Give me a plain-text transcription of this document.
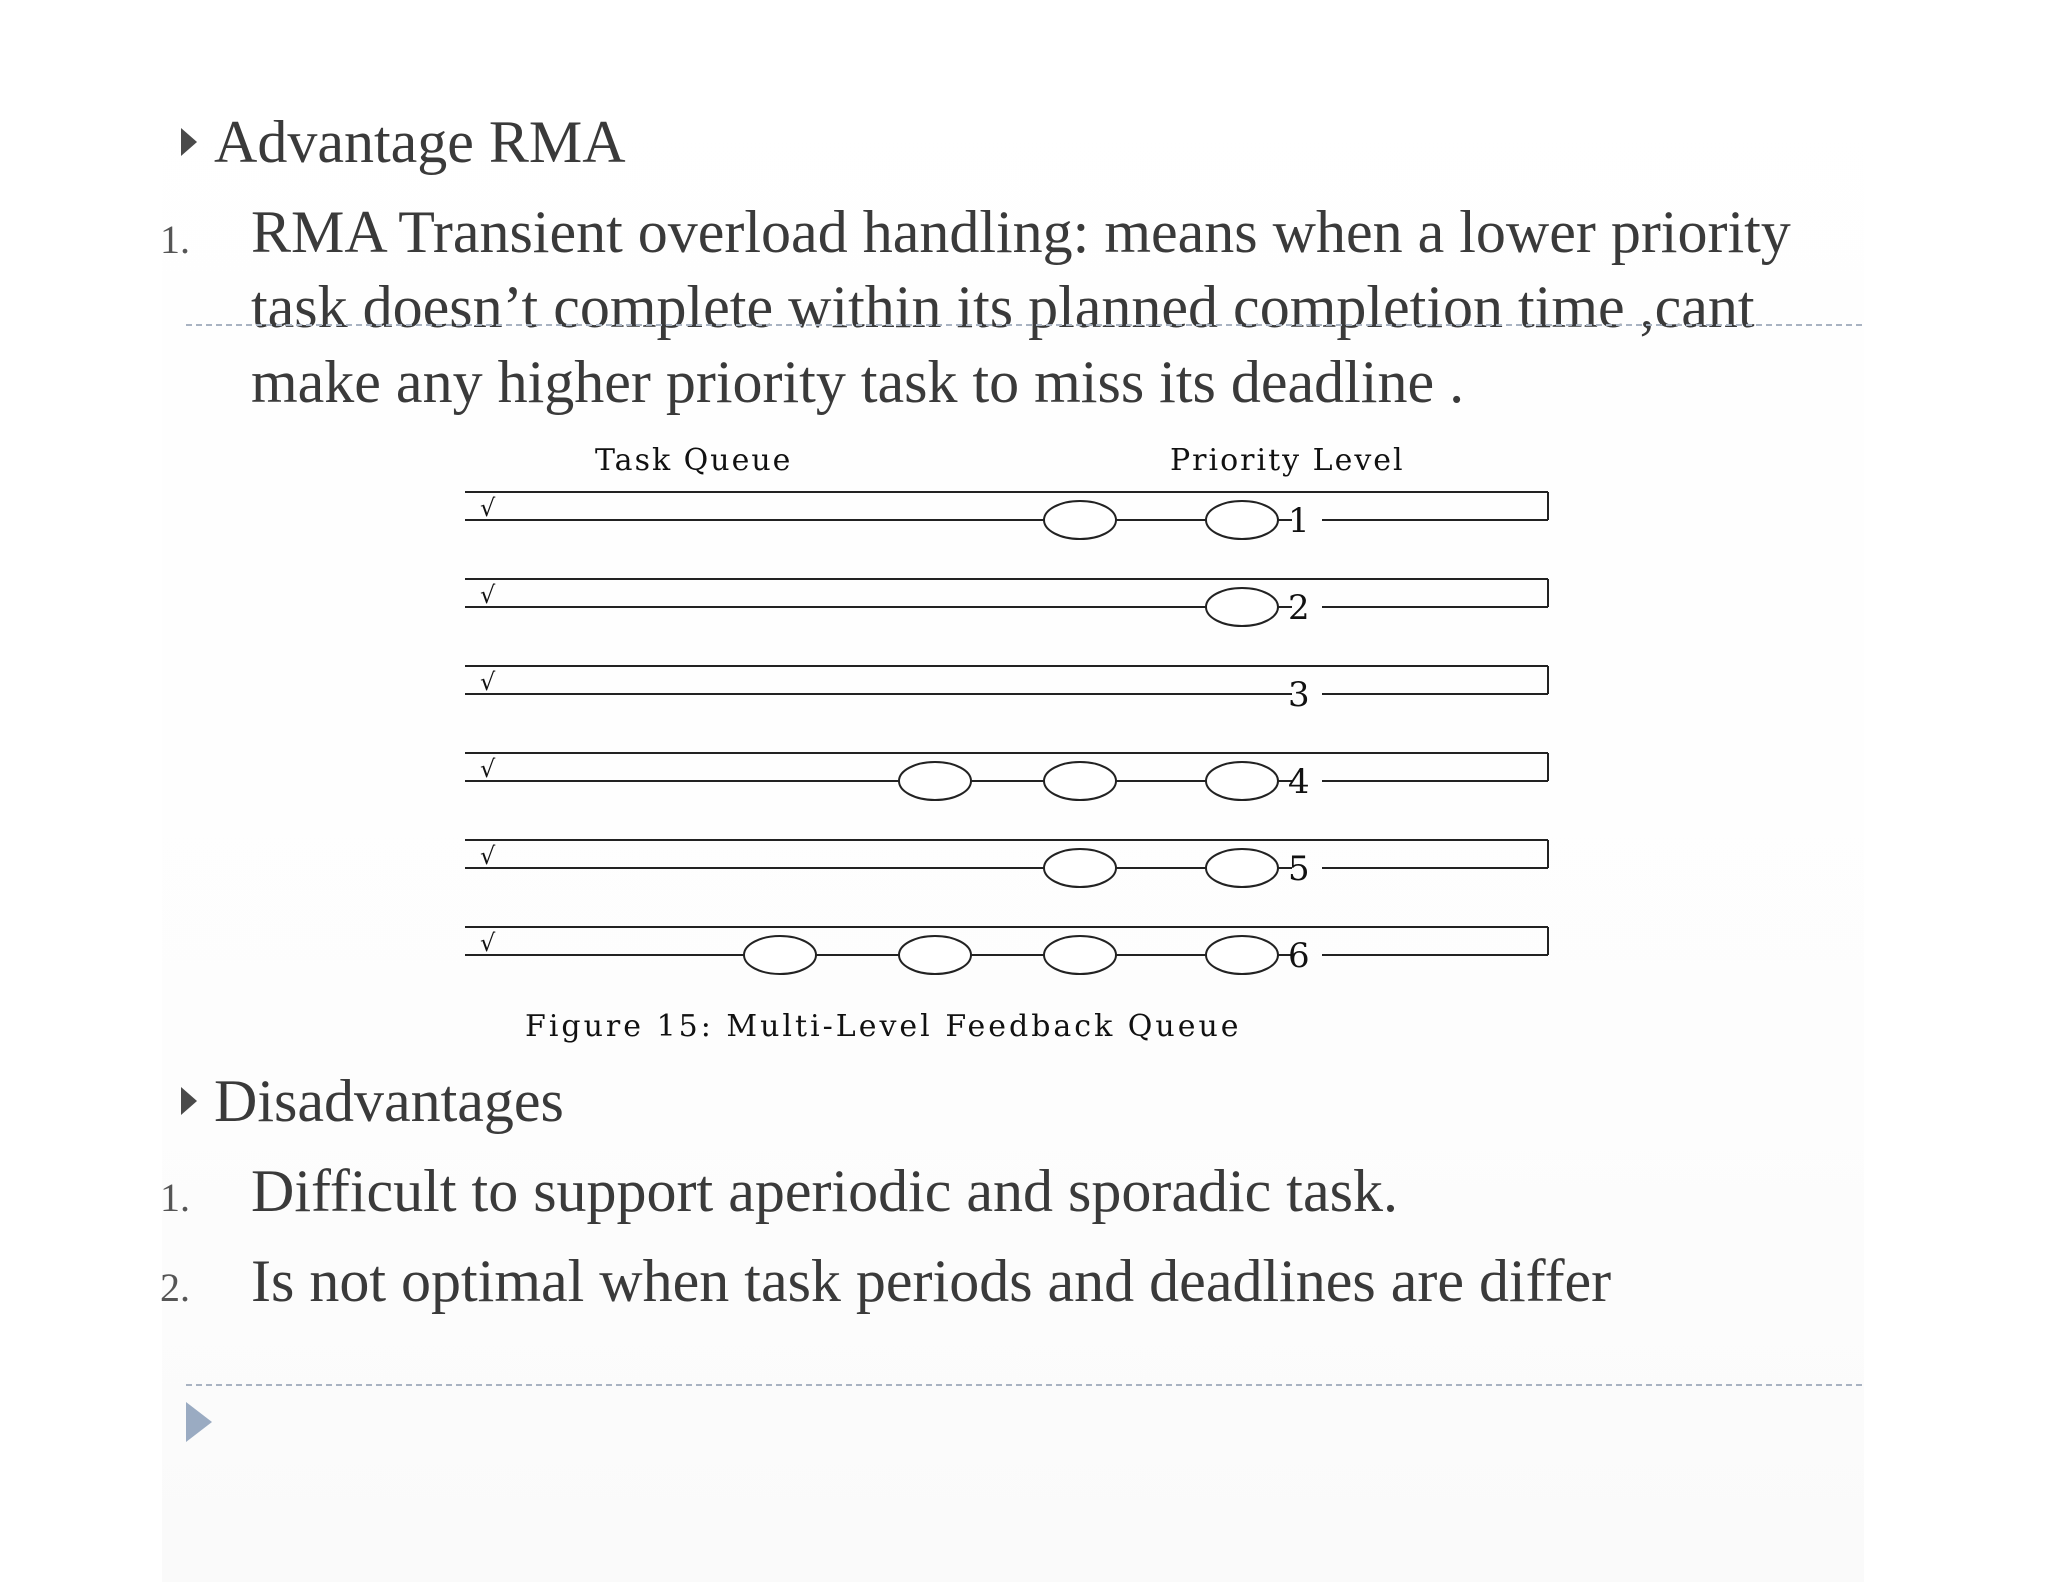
Advantage RMA
1. RMA Transient overload handling: means when a lower priority
task doesn’t complete within its planned completion time ,cant
make any higher priority task to miss its deadline .
Task Queue	Priority Level
√	1
√	2
√	3
√	4
√	5
√	6
Figure 15: Multi-Level Feedback Queue
Disadvantages
1. Difficult to support aperiodic and sporadic task.
2. Is not optimal when task periods and deadlines are differ
